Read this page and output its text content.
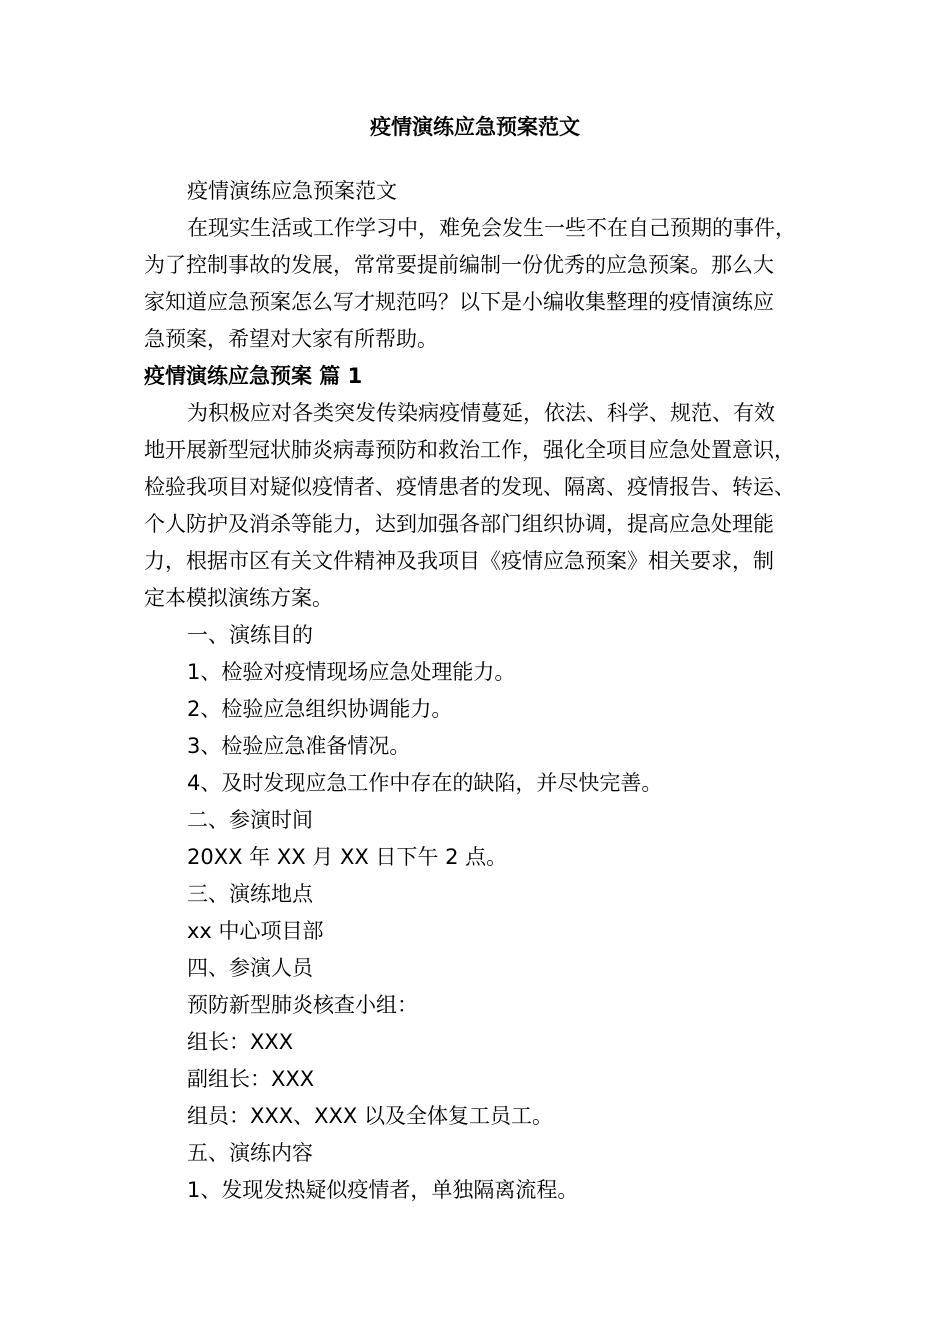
疫情演练应急预案范文

疫情演练应急预案范文

在现实生活或工作学习中，难免会发生一些不在自己预期的事件，

为了控制事故的发展，常常要提前编制一份优秀的应急预案。那么大

家知道应急预案怎么写才规范吗？以下是小编收集整理的疫情演练应

急预案，希望对大家有所帮助。

疫情演练应急预案 篇 1

为积极应对各类突发传染病疫情蔓延，依法、科学、规范、有效

地开展新型冠状肺炎病毒预防和救治工作，强化全项目应急处置意识，

检验我项目对疑似疫情者、疫情患者的发现、隔离、疫情报告、转运、

个人防护及消杀等能力，达到加强各部门组织协调，提高应急处理能

力，根据市区有关文件精神及我项目《疫情应急预案》相关要求，制

定本模拟演练方案。

一、演练目的

1、检验对疫情现场应急处理能力。

2、检验应急组织协调能力。

3、检验应急准备情况。

4、及时发现应急工作中存在的缺陷，并尽快完善。

二、参演时间

20XX 年 XX 月 XX 日下午 2 点。

三、演练地点

xx 中心项目部

四、参演人员

预防新型肺炎核查小组：

组长：XXX

副组长：XXX

组员：XXX、XXX 以及全体复工员工。

五、演练内容

1、发现发热疑似疫情者，单独隔离流程。
